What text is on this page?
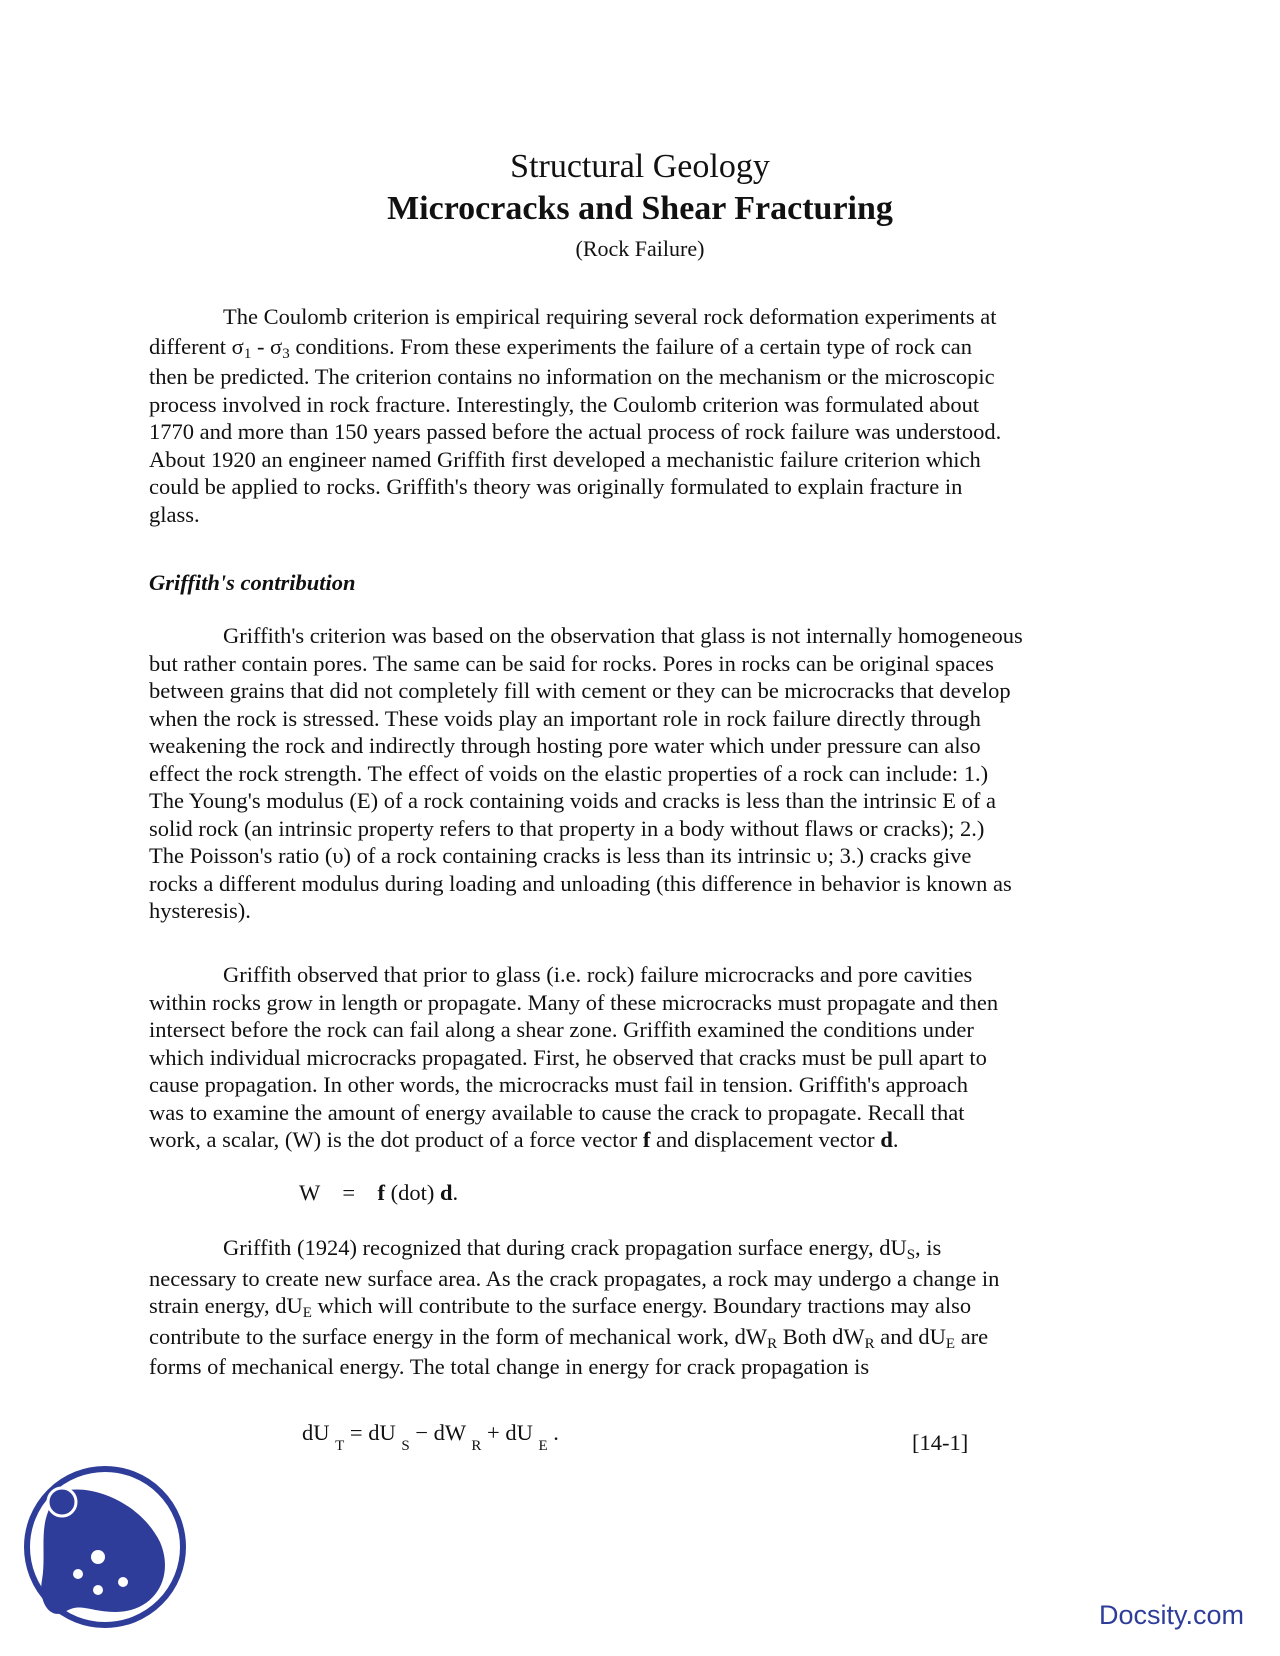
Structural Geology
Microcracks and Shear Fracturing
(Rock Failure)
The Coulomb criterion is empirical requiring several rock deformation experiments at
different $\sigma_1 - \sigma_3$ conditions. From these experiments the failure of a certain type of rock can
then be predicted. The criterion contains no information on the mechanism or the microscopic
process involved in rock fracture. Interestingly, the Coulomb criterion was formulated about
1770 and more than 150 years passed before the actual process of rock failure was understood.
About 1920 an engineer named Griffith first developed a mechanistic failure criterion which
could be applied to rocks. Griffith's theory was originally formulated to explain fracture in
glass.
Griffith's contribution
Griffith's criterion was based on the observation that glass is not internally homogeneous
but rather contain pores. The same can be said for rocks. Pores in rocks can be original spaces
between grains that did not completely fill with cement or they can be microcracks that develop
when the rock is stressed. These voids play an important role in rock failure directly through
weakening the rock and indirectly through hosting pore water which under pressure can also
effect the rock strength. The effect of voids on the elastic properties of a rock can include: 1.)
The Young's modulus (E) of a rock containing voids and cracks is less than the intrinsic E of a
solid rock (an intrinsic property refers to that property in a body without flaws or cracks); 2.)
The Poisson's ratio (υ) of a rock containing cracks is less than its intrinsic υ; 3.) cracks give
rocks a different modulus during loading and unloading (this difference in behavior is known as
hysteresis).
Griffith observed that prior to glass (i.e. rock) failure microcracks and pore cavities
within rocks grow in length or propagate. Many of these microcracks must propagate and then
intersect before the rock can fail along a shear zone. Griffith examined the conditions under
which individual microcracks propagated. First, he observed that cracks must be pull apart to
cause propagation. In other words, the microcracks must fail in tension. Griffith's approach
was to examine the amount of energy available to cause the crack to propagate. Recall that
work, a scalar, (W) is the dot product of a force vector f and displacement vector d.
W    =    f (dot) d.
Griffith (1924) recognized that during crack propagation surface energy, $dU_S$, is
necessary to create new surface area. As the crack propagates, a rock may undergo a change in
strain energy, $dU_E$ which will contribute to the surface energy. Boundary tractions may also
contribute to the surface energy in the form of mechanical work, $dW_R$ Both $dW_R$ and $dU_E$ are
forms of mechanical energy. The total change in energy for crack propagation is
dU $_T$ = dU $_S$ − dW $_R$ + dU $_E$ .	[14-1]
Docsity.com
